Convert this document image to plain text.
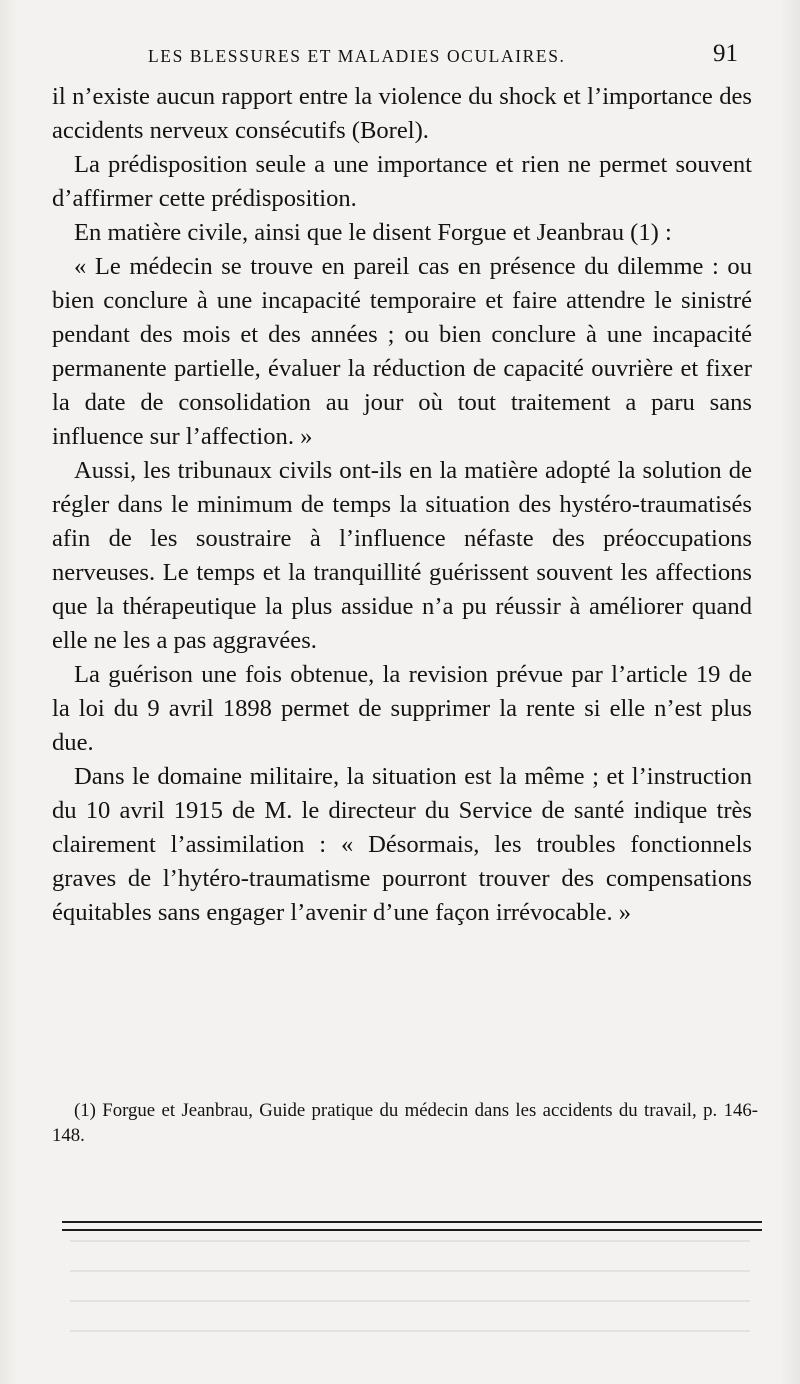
LES BLESSURES ET MALADIES OCULAIRES.	91

il n’existe aucun rapport entre la violence du shock et l’importance des accidents nerveux consécutifs (Borel).

La prédisposition seule a une importance et rien ne permet souvent d’affirmer cette prédisposition.

En matière civile, ainsi que le disent Forgue et Jeanbrau (1) :

« Le médecin se trouve en pareil cas en présence du dilemme : ou bien conclure à une incapacité temporaire et faire attendre le sinistré pendant des mois et des années ; ou bien conclure à une incapacité permanente partielle, évaluer la réduction de capacité ouvrière et fixer la date de consolidation au jour où tout traitement a paru sans influence sur l’affection. »

Aussi, les tribunaux civils ont-ils en la matière adopté la solution de régler dans le minimum de temps la situation des hystéro-traumatisés afin de les soustraire à l’influence néfaste des préoccupations nerveuses. Le temps et la tranquillité guérissent souvent les affections que la thérapeutique la plus assidue n’a pu réussir à améliorer quand elle ne les a pas aggravées.

La guérison une fois obtenue, la revision prévue par l’article 19 de la loi du 9 avril 1898 permet de supprimer la rente si elle n’est plus due.

Dans le domaine militaire, la situation est la même ; et l’instruction du 10 avril 1915 de M. le directeur du Service de santé indique très clairement l’assimilation : « Désormais, les troubles fonctionnels graves de l’hytéro-traumatisme pourront trouver des compensations équitables sans engager l’avenir d’une façon irrévocable. »

(1) Forgue et Jeanbrau, Guide pratique du médecin dans les accidents du travail, p. 146-148.
